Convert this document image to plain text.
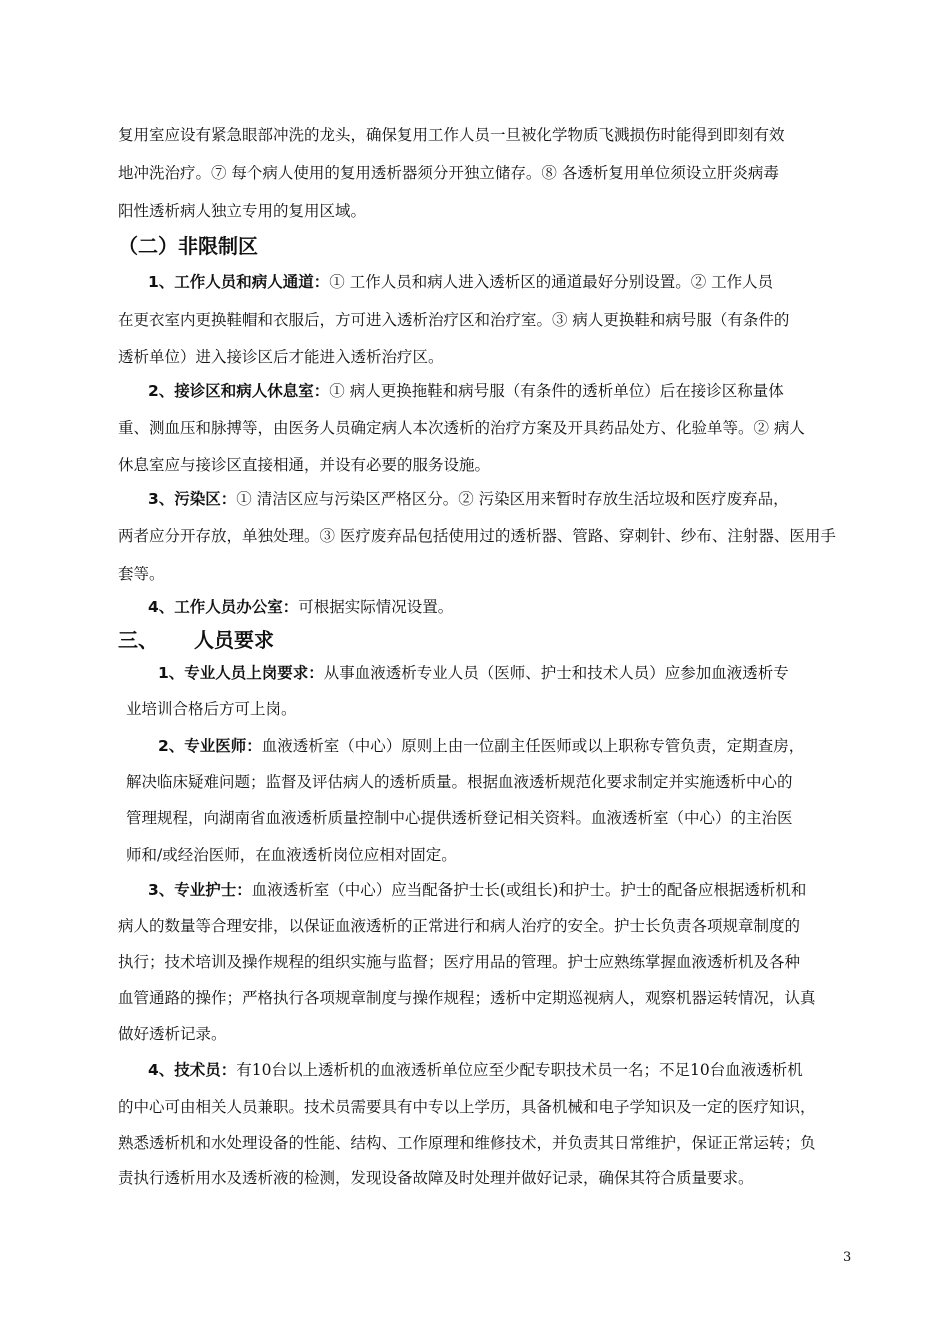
复用室应设有紧急眼部冲洗的龙头，确保复用工作人员一旦被化学物质飞溅损伤时能得到即刻有效
地冲洗治疗。⑦ 每个病人使用的复用透析器须分开独立储存。⑧ 各透析复用单位须设立肝炎病毒
阳性透析病人独立专用的复用区域。
（二）非限制区
1、工作人员和病人通道：① 工作人员和病人进入透析区的通道最好分别设置。② 工作人员
在更衣室内更换鞋帽和衣服后，方可进入透析治疗区和治疗室。③ 病人更换鞋和病号服（有条件的
透析单位）进入接诊区后才能进入透析治疗区。
2、接诊区和病人休息室：① 病人更换拖鞋和病号服（有条件的透析单位）后在接诊区称量体
重、测血压和脉搏等，由医务人员确定病人本次透析的治疗方案及开具药品处方、化验单等。② 病人
休息室应与接诊区直接相通，并设有必要的服务设施。
3、污染区：① 清洁区应与污染区严格区分。② 污染区用来暂时存放生活垃圾和医疗废弃品，
两者应分开存放，单独处理。③ 医疗废弃品包括使用过的透析器、管路、穿刺针、纱布、注射器、医用手
套等。
4、工作人员办公室：可根据实际情况设置。
三、 人员要求
1、专业人员上岗要求：从事血液透析专业人员（医师、护士和技术人员）应参加血液透析专
业培训合格后方可上岗。
2、专业医师：血液透析室（中心）原则上由一位副主任医师或以上职称专管负责，定期查房，
解决临床疑难问题；监督及评估病人的透析质量。根据血液透析规范化要求制定并实施透析中心的
管理规程，向湖南省血液透析质量控制中心提供透析登记相关资料。血液透析室（中心）的主治医
师和/或经治医师，在血液透析岗位应相对固定。
3、专业护士：血液透析室（中心）应当配备护士长(或组长)和护士。护士的配备应根据透析机和
病人的数量等合理安排，以保证血液透析的正常进行和病人治疗的安全。护士长负责各项规章制度的
执行；技术培训及操作规程的组织实施与监督；医疗用品的管理。护士应熟练掌握血液透析机及各种
血管通路的操作；严格执行各项规章制度与操作规程；透析中定期巡视病人，观察机器运转情况，认真
做好透析记录。
4、技术员：有10台以上透析机的血液透析单位应至少配专职技术员一名；不足10台血液透析机
的中心可由相关人员兼职。技术员需要具有中专以上学历，具备机械和电子学知识及一定的医疗知识，
熟悉透析机和水处理设备的性能、结构、工作原理和维修技术，并负责其日常维护，保证正常运转；负
责执行透析用水及透析液的检测，发现设备故障及时处理并做好记录，确保其符合质量要求。
3
